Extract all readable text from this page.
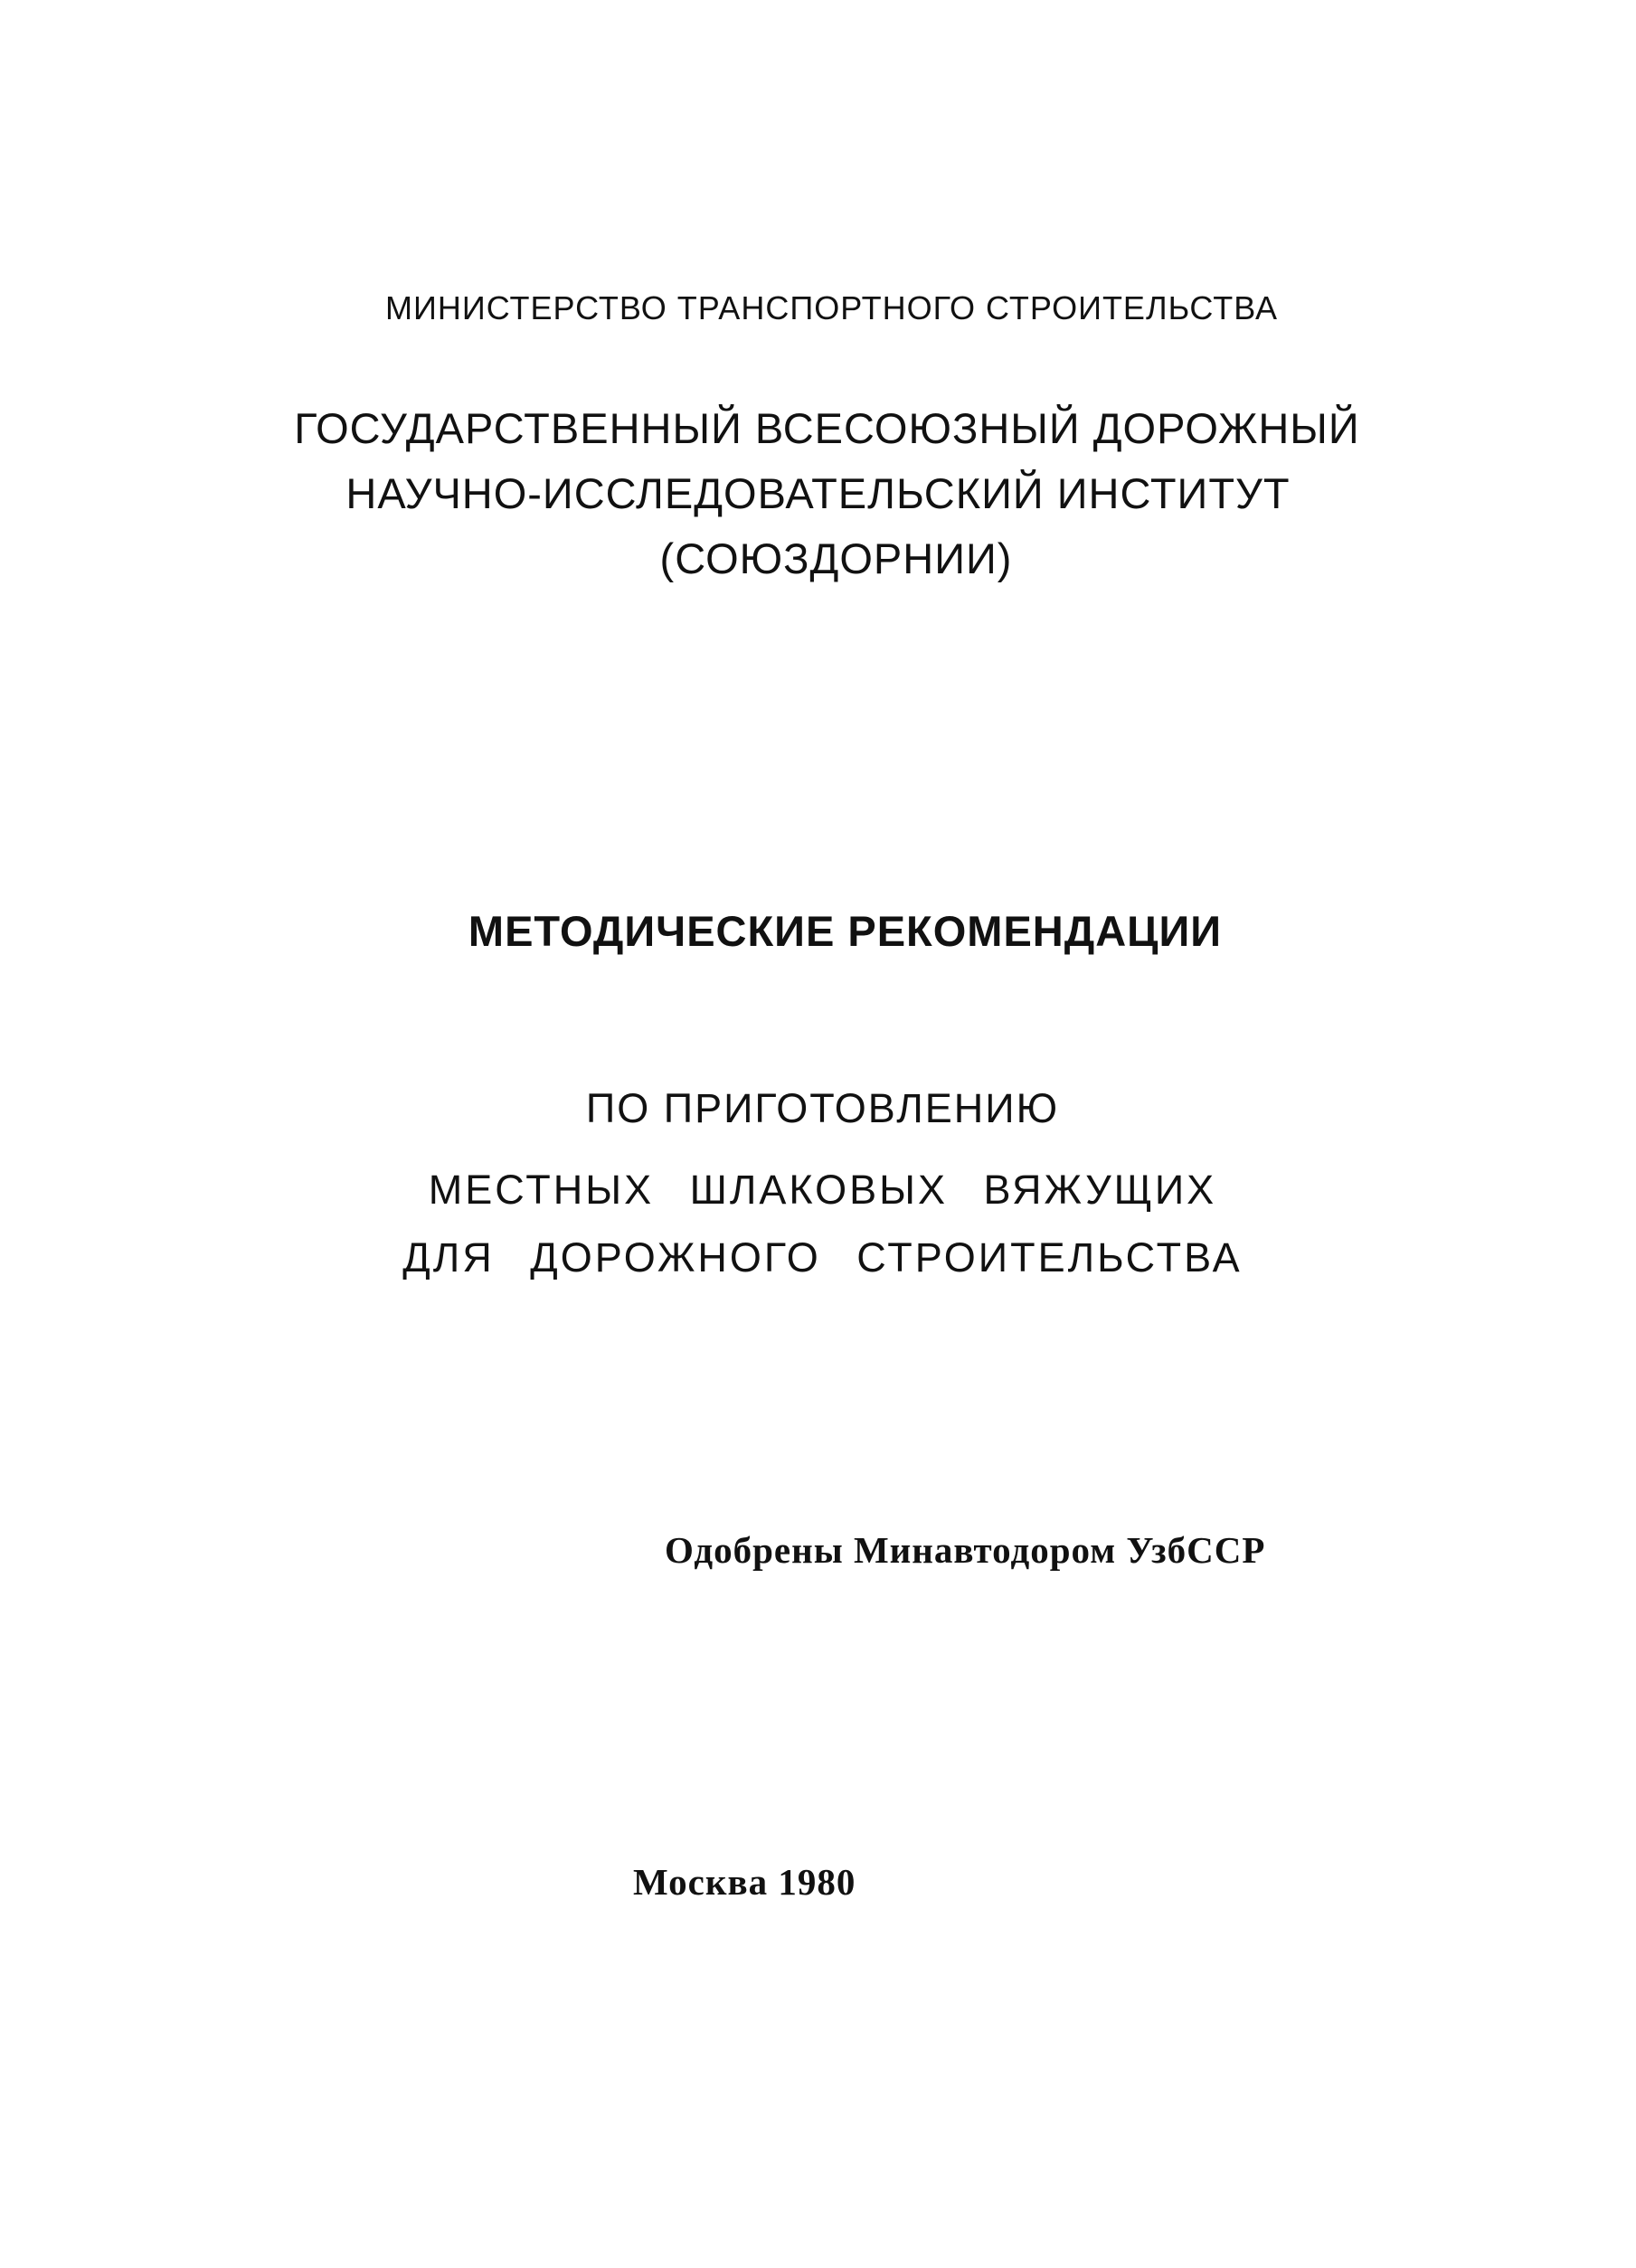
МИНИСТЕРСТВО ТРАНСПОРТНОГО СТРОИТЕЛЬСТВА
ГОСУДАРСТВЕННЫЙ ВСЕСОЮЗНЫЙ ДОРОЖНЫЙ
НАУЧНО-ИССЛЕДОВАТЕЛЬСКИЙ ИНСТИТУТ
(СОЮЗДОРНИИ)
МЕТОДИЧЕСКИЕ РЕКОМЕНДАЦИИ
ПО ПРИГОТОВЛЕНИЮ
МЕСТНЫХ ШЛАКОВЫХ ВЯЖУЩИХ
ДЛЯ ДОРОЖНОГО СТРОИТЕЛЬСТВА
Одобрены Минавтодором УзбССР
Москва 1980
